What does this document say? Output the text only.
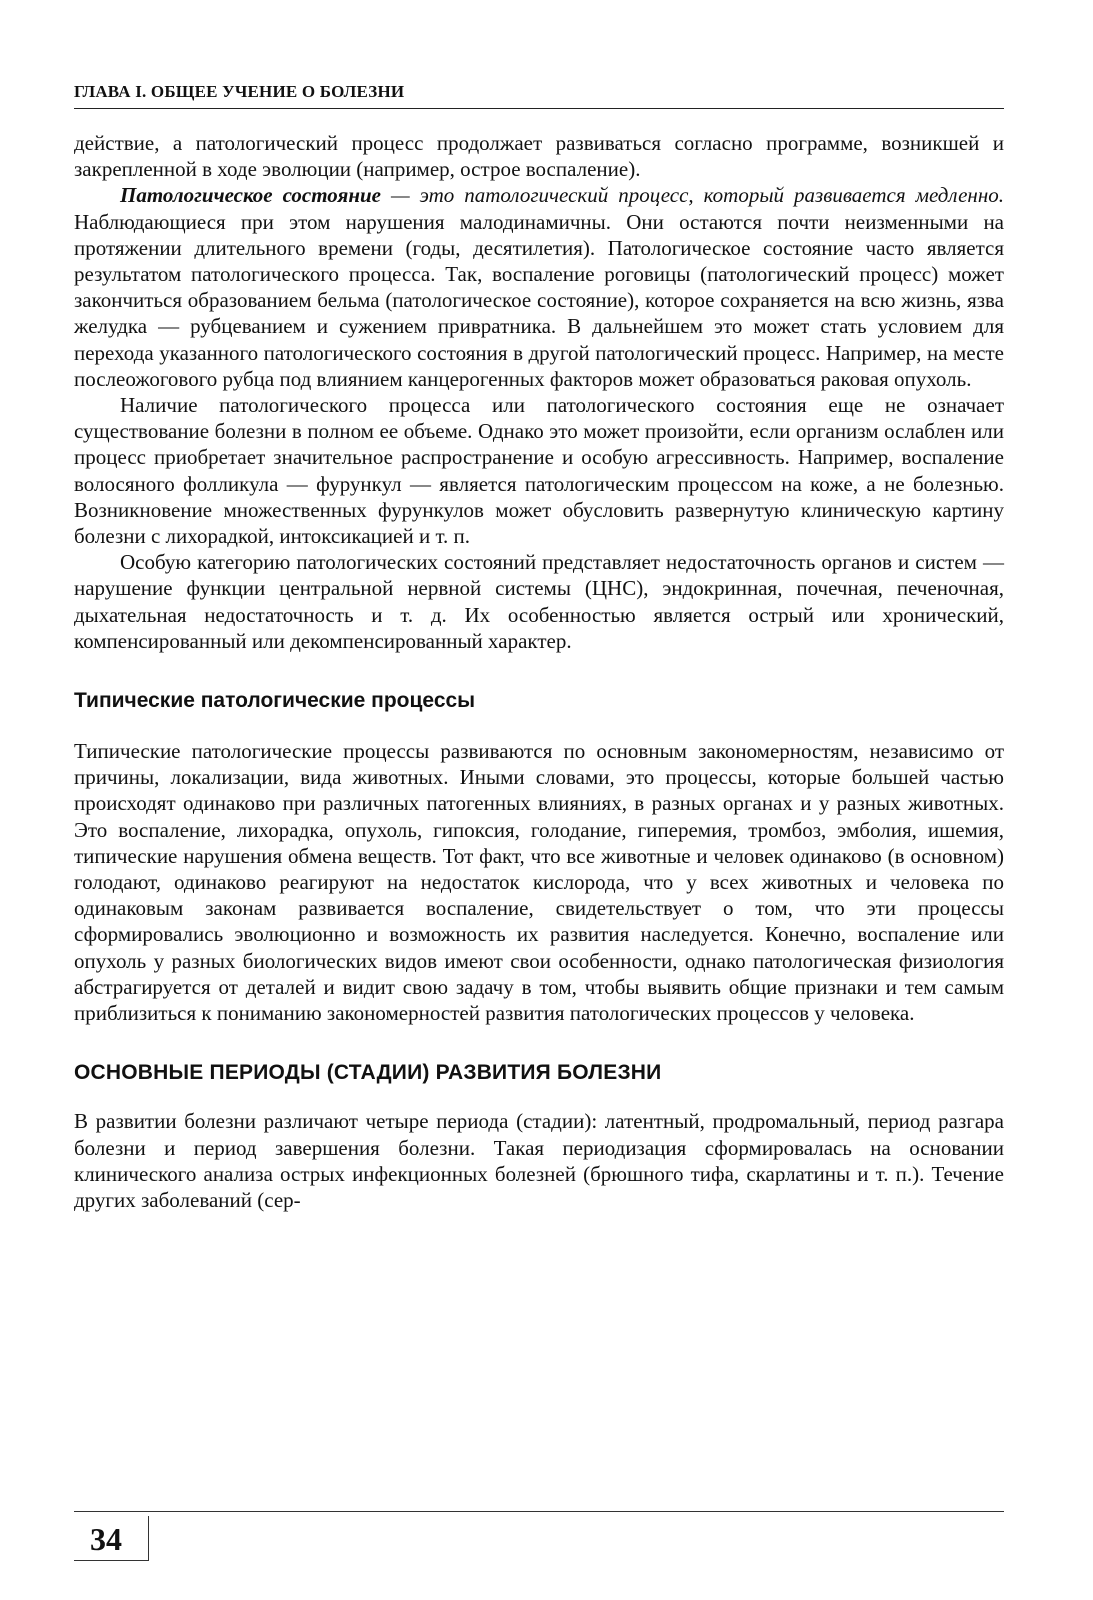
ГЛАВА I. ОБЩЕЕ УЧЕНИЕ О БОЛЕЗНИ

действие, а патологический процесс продолжает развиваться согласно программе, возникшей и закрепленной в ходе эволюции (например, острое воспаление).

Патологическое состояние — это патологический процесс, который развивается медленно. Наблюдающиеся при этом нарушения малодинамичны. Они остаются почти неизменными на протяжении длительного времени (годы, десятилетия). Патологическое состояние часто является результатом патологического процесса. Так, воспаление роговицы (патологический процесс) может закончиться образованием бельма (патологическое состояние), которое сохраняется на всю жизнь, язва желудка — рубцеванием и сужением привратника. В дальнейшем это может стать условием для перехода указанного патологического состояния в другой патологический процесс. Например, на месте послеожогового рубца под влиянием канцерогенных факторов может образоваться раковая опухоль.

Наличие патологического процесса или патологического состояния еще не означает существование болезни в полном ее объеме. Однако это может произойти, если организм ослаблен или процесс приобретает значительное распространение и особую агрессивность. Например, воспаление волосяного фолликула — фурункул — является патологическим процессом на коже, а не болезнью. Возникновение множественных фурункулов может обусловить развернутую клиническую картину болезни с лихорадкой, интоксикацией и т. п.

Особую категорию патологических состояний представляет недостаточность органов и систем — нарушение функции центральной нервной системы (ЦНС), эндокринная, почечная, печеночная, дыхательная недостаточность и т. д. Их особенностью является острый или хронический, компенсированный или декомпенсированный характер.

Типические патологические процессы

Типические патологические процессы развиваются по основным закономерностям, независимо от причины, локализации, вида животных. Иными словами, это процессы, которые большей частью происходят одинаково при различных патогенных влияниях, в разных органах и у разных животных. Это воспаление, лихорадка, опухоль, гипоксия, голодание, гиперемия, тромбоз, эмболия, ишемия, типические нарушения обмена веществ. Тот факт, что все животные и человек одинаково (в основном) голодают, одинаково реагируют на недостаток кислорода, что у всех животных и человека по одинаковым законам развивается воспаление, свидетельствует о том, что эти процессы сформировались эволюционно и возможность их развития наследуется. Конечно, воспаление или опухоль у разных биологических видов имеют свои особенности, однако патологическая физиология абстрагируется от деталей и видит свою задачу в том, чтобы выявить общие признаки и тем самым приблизиться к пониманию закономерностей развития патологических процессов у человека.

ОСНОВНЫЕ ПЕРИОДЫ (СТАДИИ) РАЗВИТИЯ БОЛЕЗНИ

В развитии болезни различают четыре периода (стадии): латентный, продромальный, период разгара болезни и период завершения болезни. Такая периодизация сформировалась на основании клинического анализа острых инфекционных болезней (брюшного тифа, скарлатины и т. п.). Течение других заболеваний (сер-

34
